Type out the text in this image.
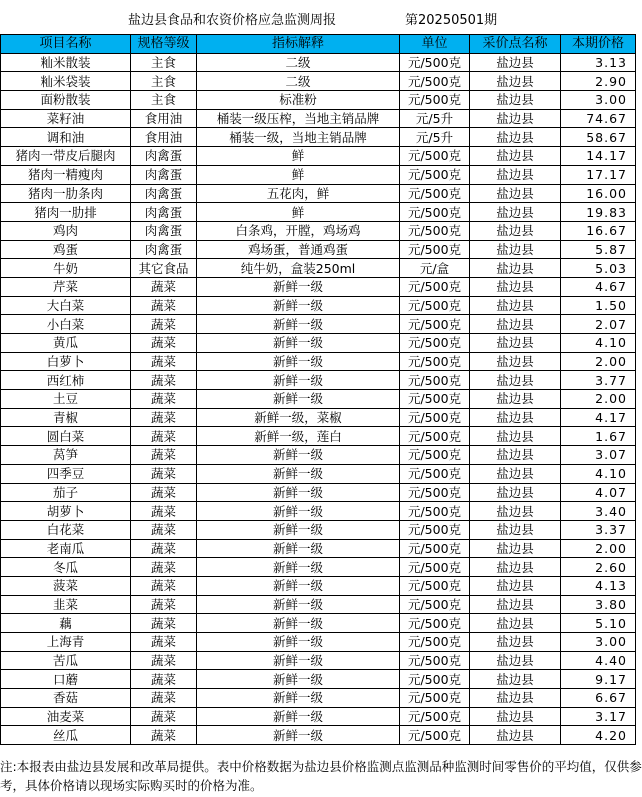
盐边县食品和农资价格应急监测周报	第20250501期
项目名称	规格等级	指标解释	单位	采价点名称	本期价格
籼米散装	主食	二级	元/500克	盐边县	3.13
籼米袋装	主食	二级	元/500克	盐边县	2.90
面粉散装	主食	标准粉	元/500克	盐边县	3.00
菜籽油	食用油	桶装一级压榨，当地主销品牌	元/5升	盐边县	74.67
调和油	食用油	桶装一级，当地主销品牌	元/5升	盐边县	58.67
猪肉一带皮后腿肉	肉禽蛋	鲜	元/500克	盐边县	14.17
猪肉一精瘦肉	肉禽蛋	鲜	元/500克	盐边县	17.17
猪肉一肋条肉	肉禽蛋	五花肉，鲜	元/500克	盐边县	16.00
猪肉一肋排	肉禽蛋	鲜	元/500克	盐边县	19.83
鸡肉	肉禽蛋	白条鸡，开膛，鸡场鸡	元/500克	盐边县	16.67
鸡蛋	肉禽蛋	鸡场蛋，普通鸡蛋	元/500克	盐边县	5.87
牛奶	其它食品	纯牛奶，盒装250ml	元/盒	盐边县	5.03
芹菜	蔬菜	新鲜一级	元/500克	盐边县	4.67
大白菜	蔬菜	新鲜一级	元/500克	盐边县	1.50
小白菜	蔬菜	新鲜一级	元/500克	盐边县	2.07
黄瓜	蔬菜	新鲜一级	元/500克	盐边县	4.10
白萝卜	蔬菜	新鲜一级	元/500克	盐边县	2.00
西红柿	蔬菜	新鲜一级	元/500克	盐边县	3.77
土豆	蔬菜	新鲜一级	元/500克	盐边县	2.00
青椒	蔬菜	新鲜一级，菜椒	元/500克	盐边县	4.17
圆白菜	蔬菜	新鲜一级，莲白	元/500克	盐边县	1.67
莴笋	蔬菜	新鲜一级	元/500克	盐边县	3.07
四季豆	蔬菜	新鲜一级	元/500克	盐边县	4.10
茄子	蔬菜	新鲜一级	元/500克	盐边县	4.07
胡萝卜	蔬菜	新鲜一级	元/500克	盐边县	3.40
白花菜	蔬菜	新鲜一级	元/500克	盐边县	3.37
老南瓜	蔬菜	新鲜一级	元/500克	盐边县	2.00
冬瓜	蔬菜	新鲜一级	元/500克	盐边县	2.60
菠菜	蔬菜	新鲜一级	元/500克	盐边县	4.13
韭菜	蔬菜	新鲜一级	元/500克	盐边县	3.80
藕	蔬菜	新鲜一级	元/500克	盐边县	5.10
上海青	蔬菜	新鲜一级	元/500克	盐边县	3.00
苦瓜	蔬菜	新鲜一级	元/500克	盐边县	4.40
口蘑	蔬菜	新鲜一级	元/500克	盐边县	9.17
香菇	蔬菜	新鲜一级	元/500克	盐边县	6.67
油麦菜	蔬菜	新鲜一级	元/500克	盐边县	3.17
丝瓜	蔬菜	新鲜一级	元/500克	盐边县	4.20
注:本报表由盐边县发展和改革局提供。表中价格数据为盐边县价格监测点监测品种监测时间零售价的平均值，仅供参考，具体价格请以现场实际购买时的价格为准。
